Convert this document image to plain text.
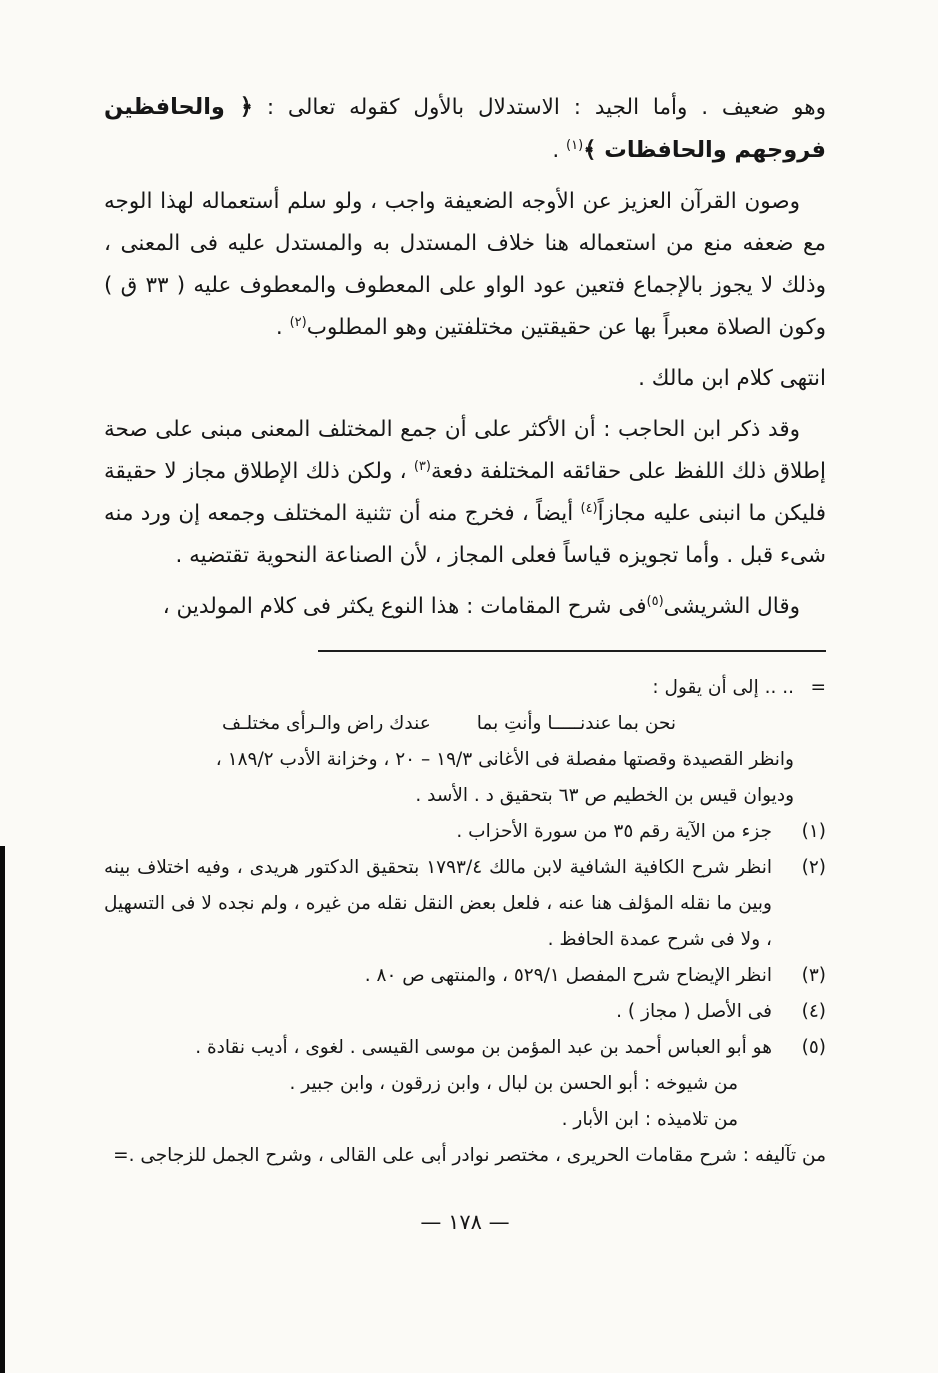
وهو ضعيف . وأما الجيد : الاستدلال بالأول كقوله تعالى : ﴿ والحافظين فروجهم والحافظات ﴾$^{(١)}$ .

وصون القرآن العزيز عن الأوجه الضعيفة واجب ، ولو سلم أستعماله لهذا الوجه مع ضعفه منع من استعماله هنا خلاف المستدل به والمستدل عليه فى المعنى ، وذلك لا يجوز بالإجماع فتعين عود الواو على المعطوف والمعطوف عليه ( ٣٣ ق ) وكون الصلاة معبراً بها عن حقيقتين مختلفتين وهو المطلوب$^{(٢)}$ .

انتهى كلام ابن مالك .

وقد ذكر ابن الحاجب : أن الأكثر على أن جمع المختلف المعنى مبنى على صحة إطلاق ذلك اللفظ على حقائقه المختلفة دفعة$^{(٣)}$ ، ولكن ذلك الإطلاق مجاز لا حقيقة فليكن ما انبنى عليه مجازاً$^{(٤)}$ أيضاً ، فخرج منه أن تثنية المختلف وجمعه إن ورد منه شىء قبل . وأما تجويزه قياساً فعلى المجاز ، لأن الصناعة النحوية تقتضيه .

وقال الشريشى$^{(٥)}$فى شرح المقامات : هذا النوع يكثر فى كلام المولدين ،

=
.. .. إلى أن يقول :
نحن بما عندنـــــا وأنتِ بما
عندك راض والـرأى مختلـف
وانظر القصيدة وقصتها مفصلة فى الأغانى ١٩/٣ – ٢٠ ، وخزانة الأدب ١٨٩/٢ ،
وديوان قيس بن الخطيم ص ٦٣ بتحقيق د . الأسد .
(١)
جزء من الآية رقم ٣٥ من سورة الأحزاب .
(٢)
انظر شرح الكافية الشافية لابن مالك ١٧٩٣/٤ بتحقيق الدكتور هريدى ، وفيه اختلاف بينه وبين ما نقله المؤلف هنا عنه ، فلعل بعض النقل نقله من غيره ، ولم نجده لا فى التسهيل ، ولا فى شرح عمدة الحافظ .
(٣)
انظر الإيضاح شرح المفصل ٥٢٩/١ ، والمنتهى ص ٨٠ .
(٤)
فى الأصل ( مجاز ) .
(٥)
هو أبو العباس أحمد بن عبد المؤمن بن موسى القيسى . لغوى ، أديب نقادة .
من شيوخه : أبو الحسن بن لبال ، وابن زرقون ، وابن جبير .
من تلاميذه : ابن الأبار .
من تآليفه : شرح مقامات الحريرى ، مختصر نوادر أبى على القالى ، وشرح الجمل للزجاجى .=
— ١٧٨ —
